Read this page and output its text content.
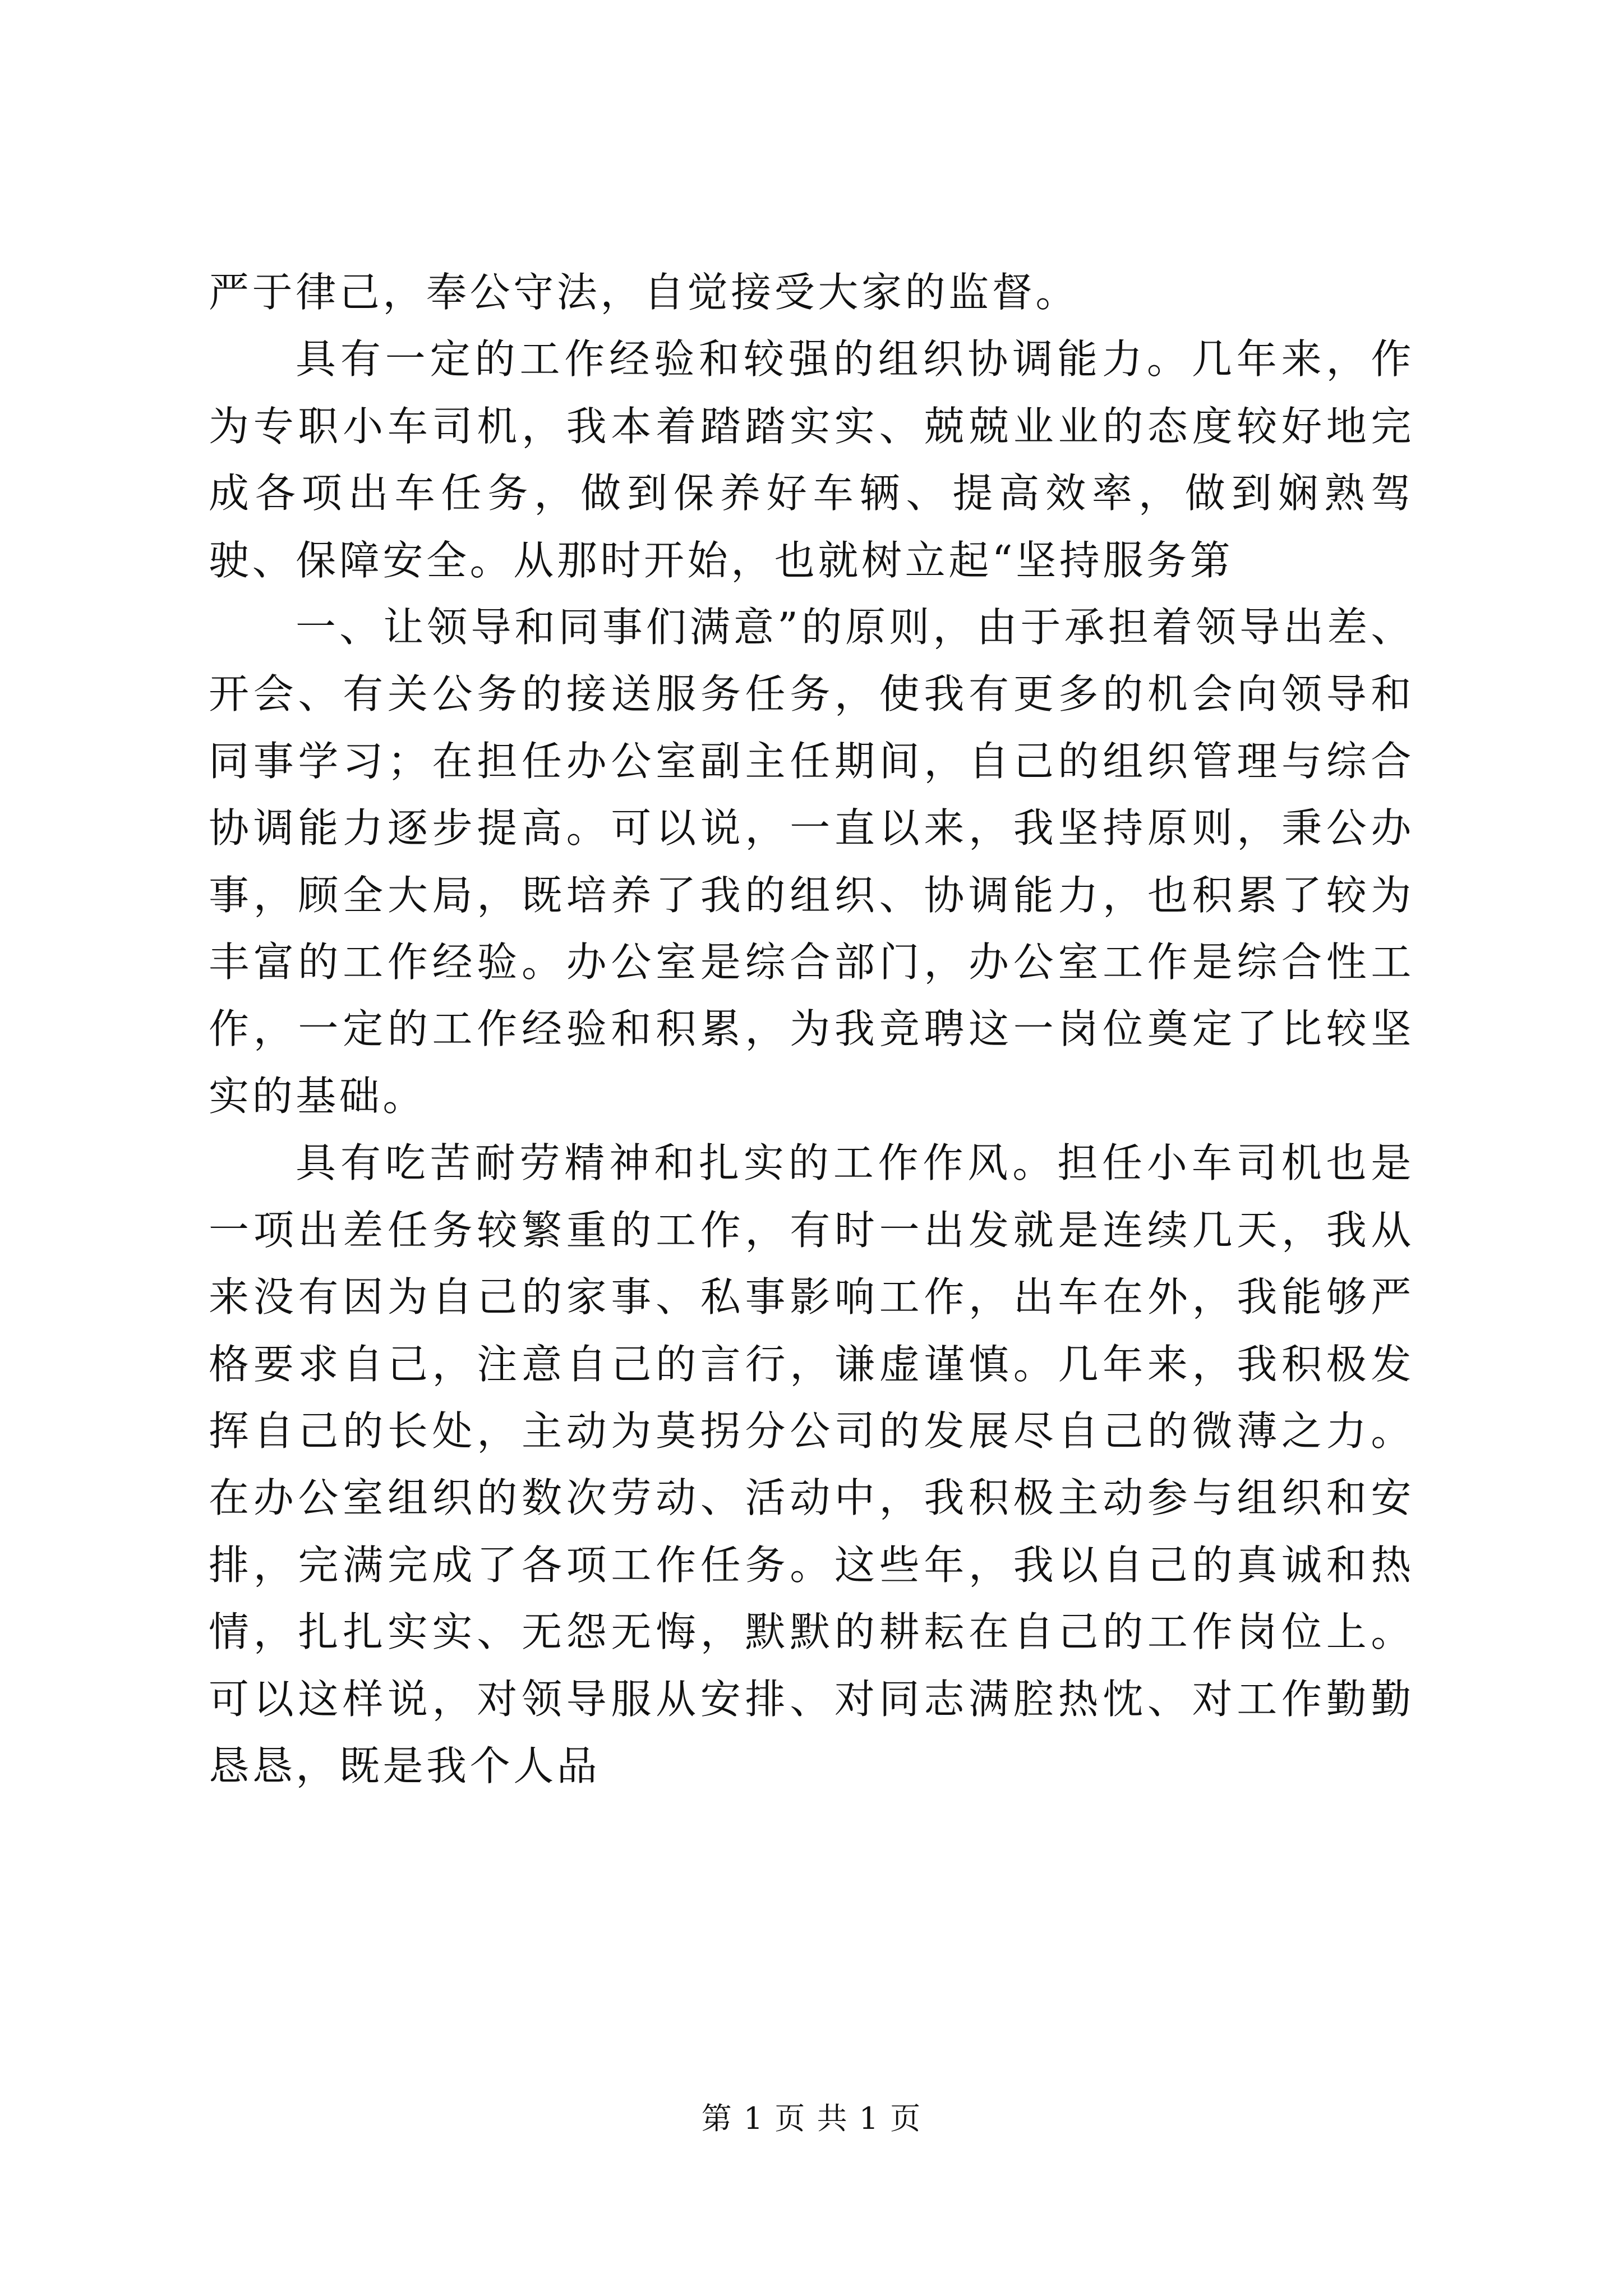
严于律己，奉公守法，自觉接受大家的监督。

具有一定的工作经验和较强的组织协调能力。几年来，作为专职小车司机，我本着踏踏实实、兢兢业业的态度较好地完成各项出车任务，做到保养好车辆、提高效率，做到娴熟驾驶、保障安全。从那时开始，也就树立起“坚持服务第

一、让领导和同事们满意”的原则，由于承担着领导出差、开会、有关公务的接送服务任务，使我有更多的机会向领导和同事学习；在担任办公室副主任期间，自己的组织管理与综合协调能力逐步提高。可以说，一直以来，我坚持原则，秉公办事，顾全大局，既培养了我的组织、协调能力，也积累了较为丰富的工作经验。办公室是综合部门，办公室工作是综合性工作，一定的工作经验和积累，为我竞聘这一岗位奠定了比较坚实的基础。

具有吃苦耐劳精神和扎实的工作作风。担任小车司机也是一项出差任务较繁重的工作，有时一出发就是连续几天，我从来没有因为自己的家事、私事影响工作，出车在外，我能够严格要求自己，注意自己的言行，谦虚谨慎。几年来，我积极发挥自己的长处，主动为莫拐分公司的发展尽自己的微薄之力。在办公室组织的数次劳动、活动中，我积极主动参与组织和安排，完满完成了各项工作任务。这些年，我以自己的真诚和热情，扎扎实实、无怨无悔，默默的耕耘在自己的工作岗位上。可以这样说，对领导服从安排、对同志满腔热忱、对工作勤勤恳恳，既是我个人品

第 1 页 共 1 页
